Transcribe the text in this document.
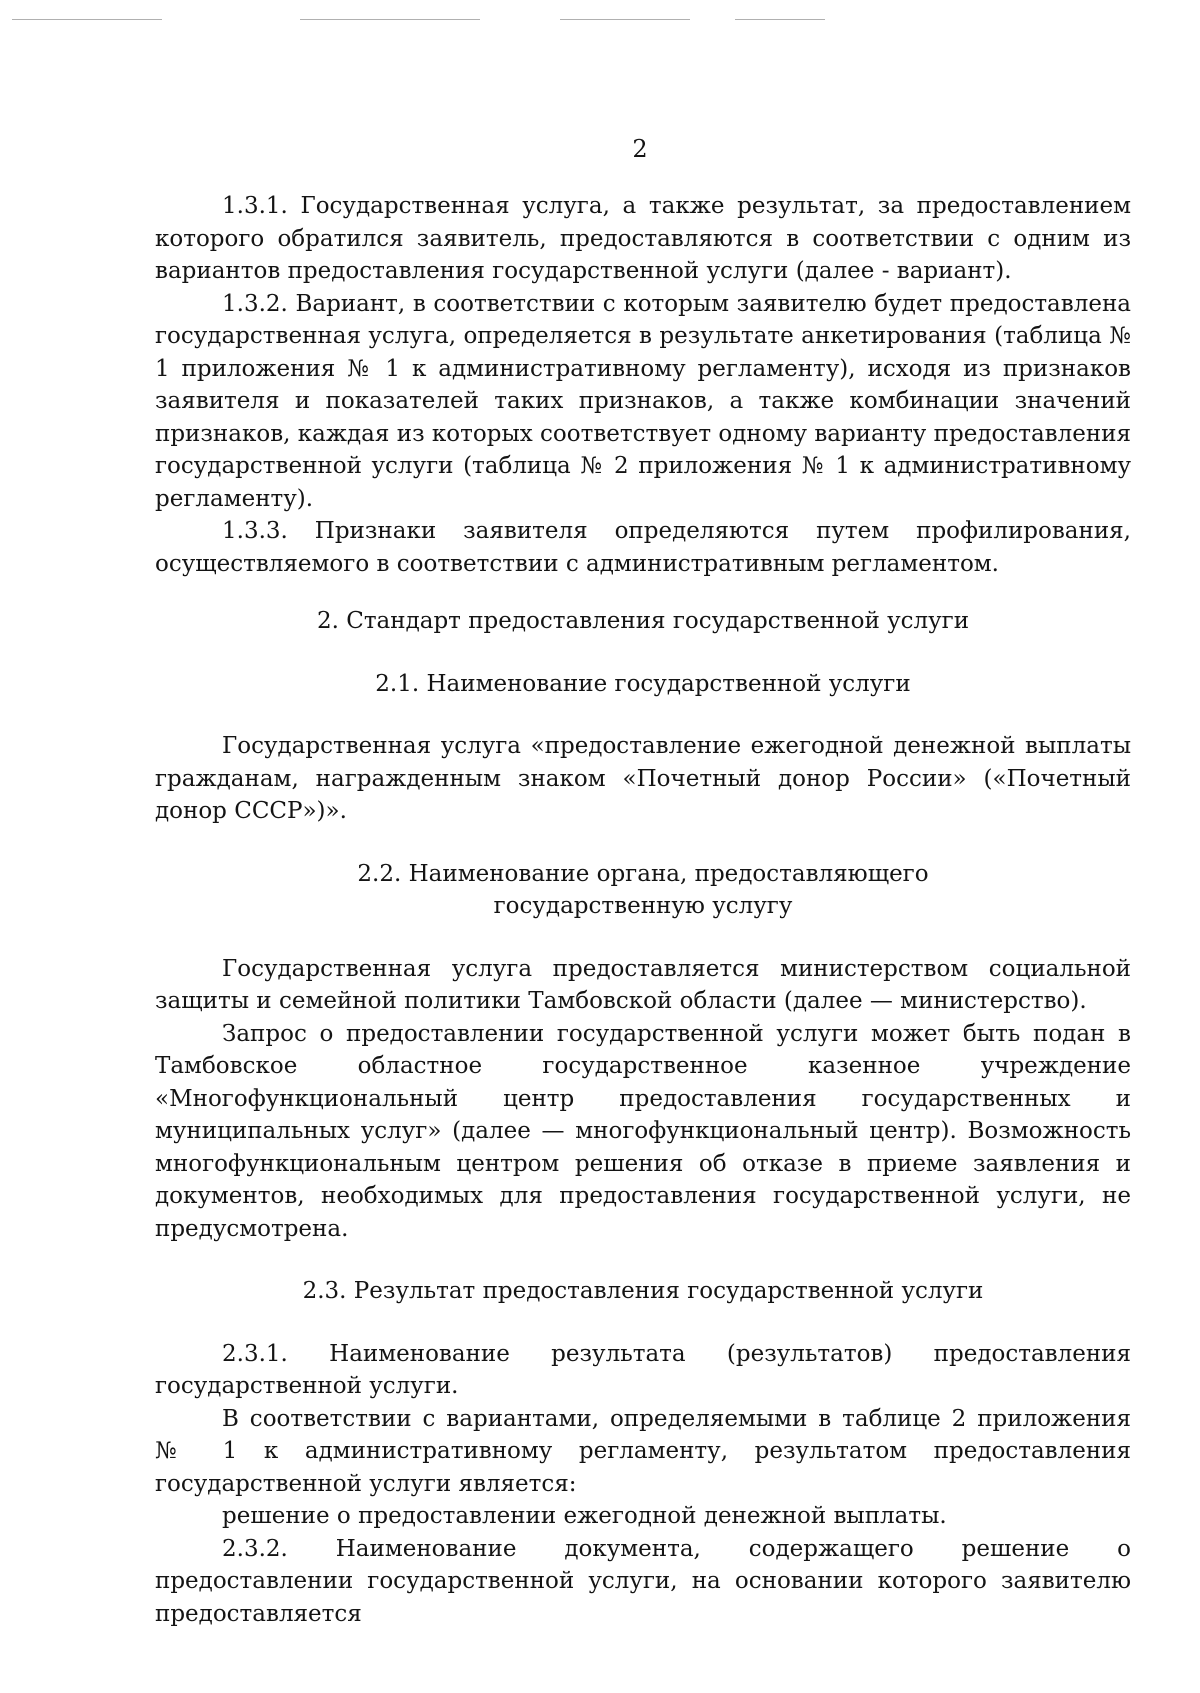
2

1.3.1. Государственная услуга, а также результат, за предоставлением которого обратился заявитель, предоставляются в соответствии с одним из вариантов предоставления государственной услуги (далее - вариант).

1.3.2. Вариант, в соответствии с которым заявителю будет предоставлена государственная услуга, определяется в результате анкетирования (таблица № 1 приложения № 1 к административному регламенту), исходя из признаков заявителя и показателей таких признаков, а также комбинации значений признаков, каждая из которых соответствует одному варианту предоставления государственной услуги (таблица № 2 приложения № 1 к административному регламенту).

1.3.3. Признаки заявителя определяются путем профилирования, осуществляемого в соответствии с административным регламентом.

2. Стандарт предоставления государственной услуги
2.1. Наименование государственной услуги

Государственная услуга «предоставление ежегодной денежной выплаты гражданам, награжденным знаком «Почетный донор России» («Почетный донор СССР»)».

2.2. Наименование органа, предоставляющего государственную услугу

Государственная услуга предоставляется министерством социальной защиты и семейной политики Тамбовской области (далее — министерство).

Запрос о предоставлении государственной услуги может быть подан в Тамбовское областное государственное казенное учреждение «Многофункциональный центр предоставления государственных и муниципальных услуг» (далее — многофункциональный центр). Возможность многофункциональным центром решения об отказе в приеме заявления и документов, необходимых для предоставления государственной услуги, не предусмотрена.

2.3. Результат предоставления государственной услуги

2.3.1. Наименование результата (результатов) предоставления государственной услуги.

В соответствии с вариантами, определяемыми в таблице 2 приложения № 1 к административному регламенту, результатом предоставления государственной услуги является:

решение о предоставлении ежегодной денежной выплаты.

2.3.2. Наименование документа, содержащего решение о предоставлении государственной услуги, на основании которого заявителю предоставляется
